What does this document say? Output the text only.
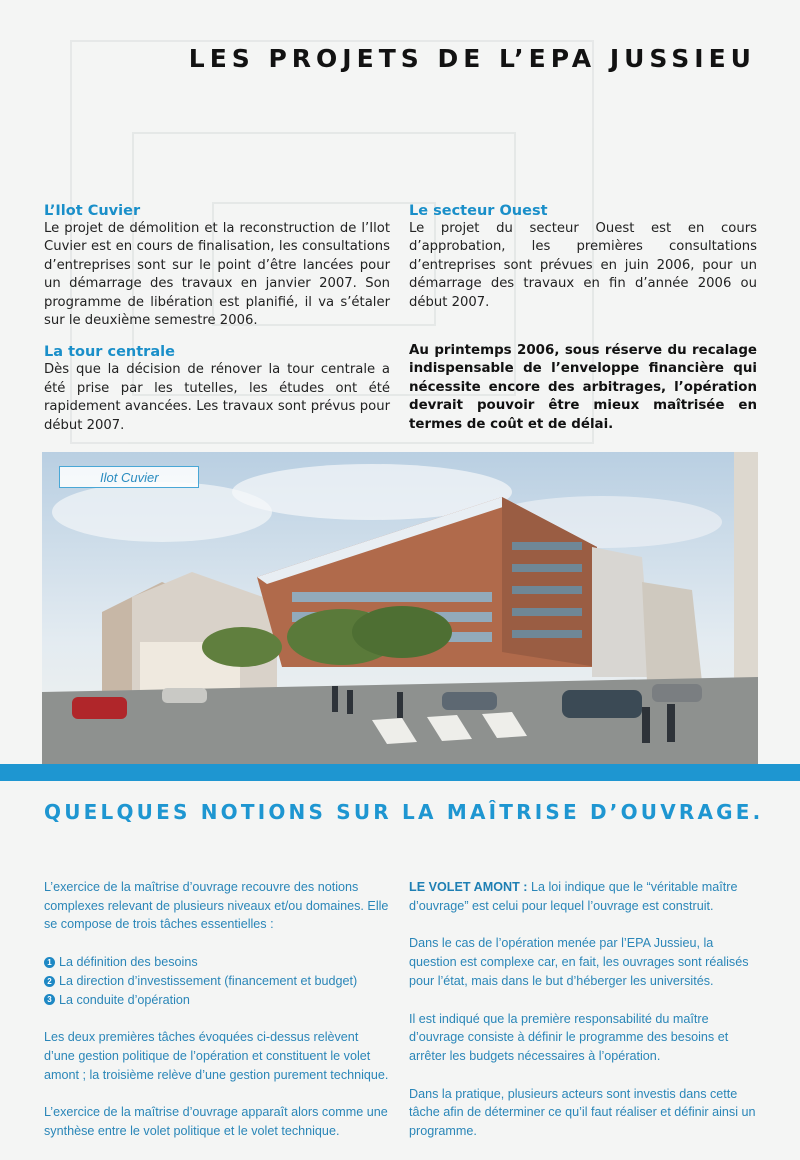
LES PROJETS DE L’EPA JUSSIEU
L’Ilot Cuvier

Le projet de démolition et la reconstruction de l’Ilot Cuvier est en cours de finalisation, les consultations d’entreprises sont sur le point d’être lancées pour un démarrage des travaux en janvier 2007. Son programme de libération est planifié, il va s’étaler sur le deuxième semestre 2006.

La tour centrale

Dès que la décision de rénover la tour centrale a été prise par les tutelles, les études ont été rapidement avancées. Les travaux sont prévus pour début 2007.

Le secteur Ouest

Le projet du secteur Ouest est en cours d’approbation, les premières consultations d’entreprises sont prévues en juin 2006, pour un démarrage des travaux en fin d’année 2006 ou début 2007.

Au printemps 2006, sous réserve du recalage indispensable de l’enveloppe financière qui nécessite encore des arbitrages, l’opération devrait pouvoir être mieux maîtrisée en termes de coût et de délai.

Ilot Cuvier
QUELQUES NOTIONS SUR LA MAÎTRISE D’OUVRAGE.

L’exercice de la maîtrise d’ouvrage recouvre des notions complexes relevant de plusieurs niveaux et/ou domaines. Elle se compose de trois tâches essentielles :

1 La définition des besoins
2 La direction d’investissement (financement et budget)
3 La conduite d’opération

Les deux premières tâches évoquées ci-dessus relèvent d’une gestion politique de l’opération et constituent le volet amont ; la troisième relève d’une gestion purement technique.

L’exercice de la maîtrise d’ouvrage apparaît alors comme une synthèse entre le volet politique et le volet technique.

LE VOLET AMONT : La loi indique que le “véritable maître d’ouvrage” est celui pour lequel l’ouvrage est construit.

Dans le cas de l’opération menée par l’EPA Jussieu, la question est complexe car, en fait, les ouvrages sont réalisés pour l’état, mais dans le but d’héberger les universités.

Il est indiqué que la première responsabilité du maître d’ouvrage consiste à définir le programme des besoins et arrêter les budgets nécessaires à l’opération.

Dans la pratique, plusieurs acteurs sont investis dans cette tâche afin de déterminer ce qu’il faut réaliser et définir ainsi un programme.
